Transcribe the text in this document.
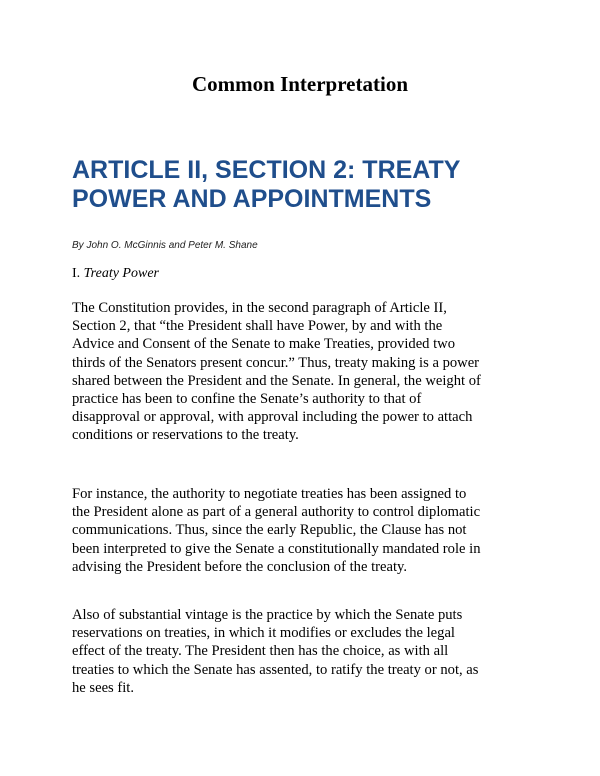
Common Interpretation
ARTICLE II, SECTION 2: TREATY
POWER AND APPOINTMENTS

By John O. McGinnis and Peter M. Shane

I. Treaty Power

The Constitution provides, in the second paragraph of Article II,
Section 2, that “the President shall have Power, by and with the
Advice and Consent of the Senate to make Treaties, provided two
thirds of the Senators present concur.” Thus, treaty making is a power
shared between the President and the Senate. In general, the weight of
practice has been to confine the Senate’s authority to that of
disapproval or approval, with approval including the power to attach
conditions or reservations to the treaty.

For instance, the authority to negotiate treaties has been assigned to
the President alone as part of a general authority to control diplomatic
communications. Thus, since the early Republic, the Clause has not
been interpreted to give the Senate a constitutionally mandated role in
advising the President before the conclusion of the treaty.

Also of substantial vintage is the practice by which the Senate puts
reservations on treaties, in which it modifies or excludes the legal
effect of the treaty. The President then has the choice, as with all
treaties to which the Senate has assented, to ratify the treaty or not, as
he sees fit.
